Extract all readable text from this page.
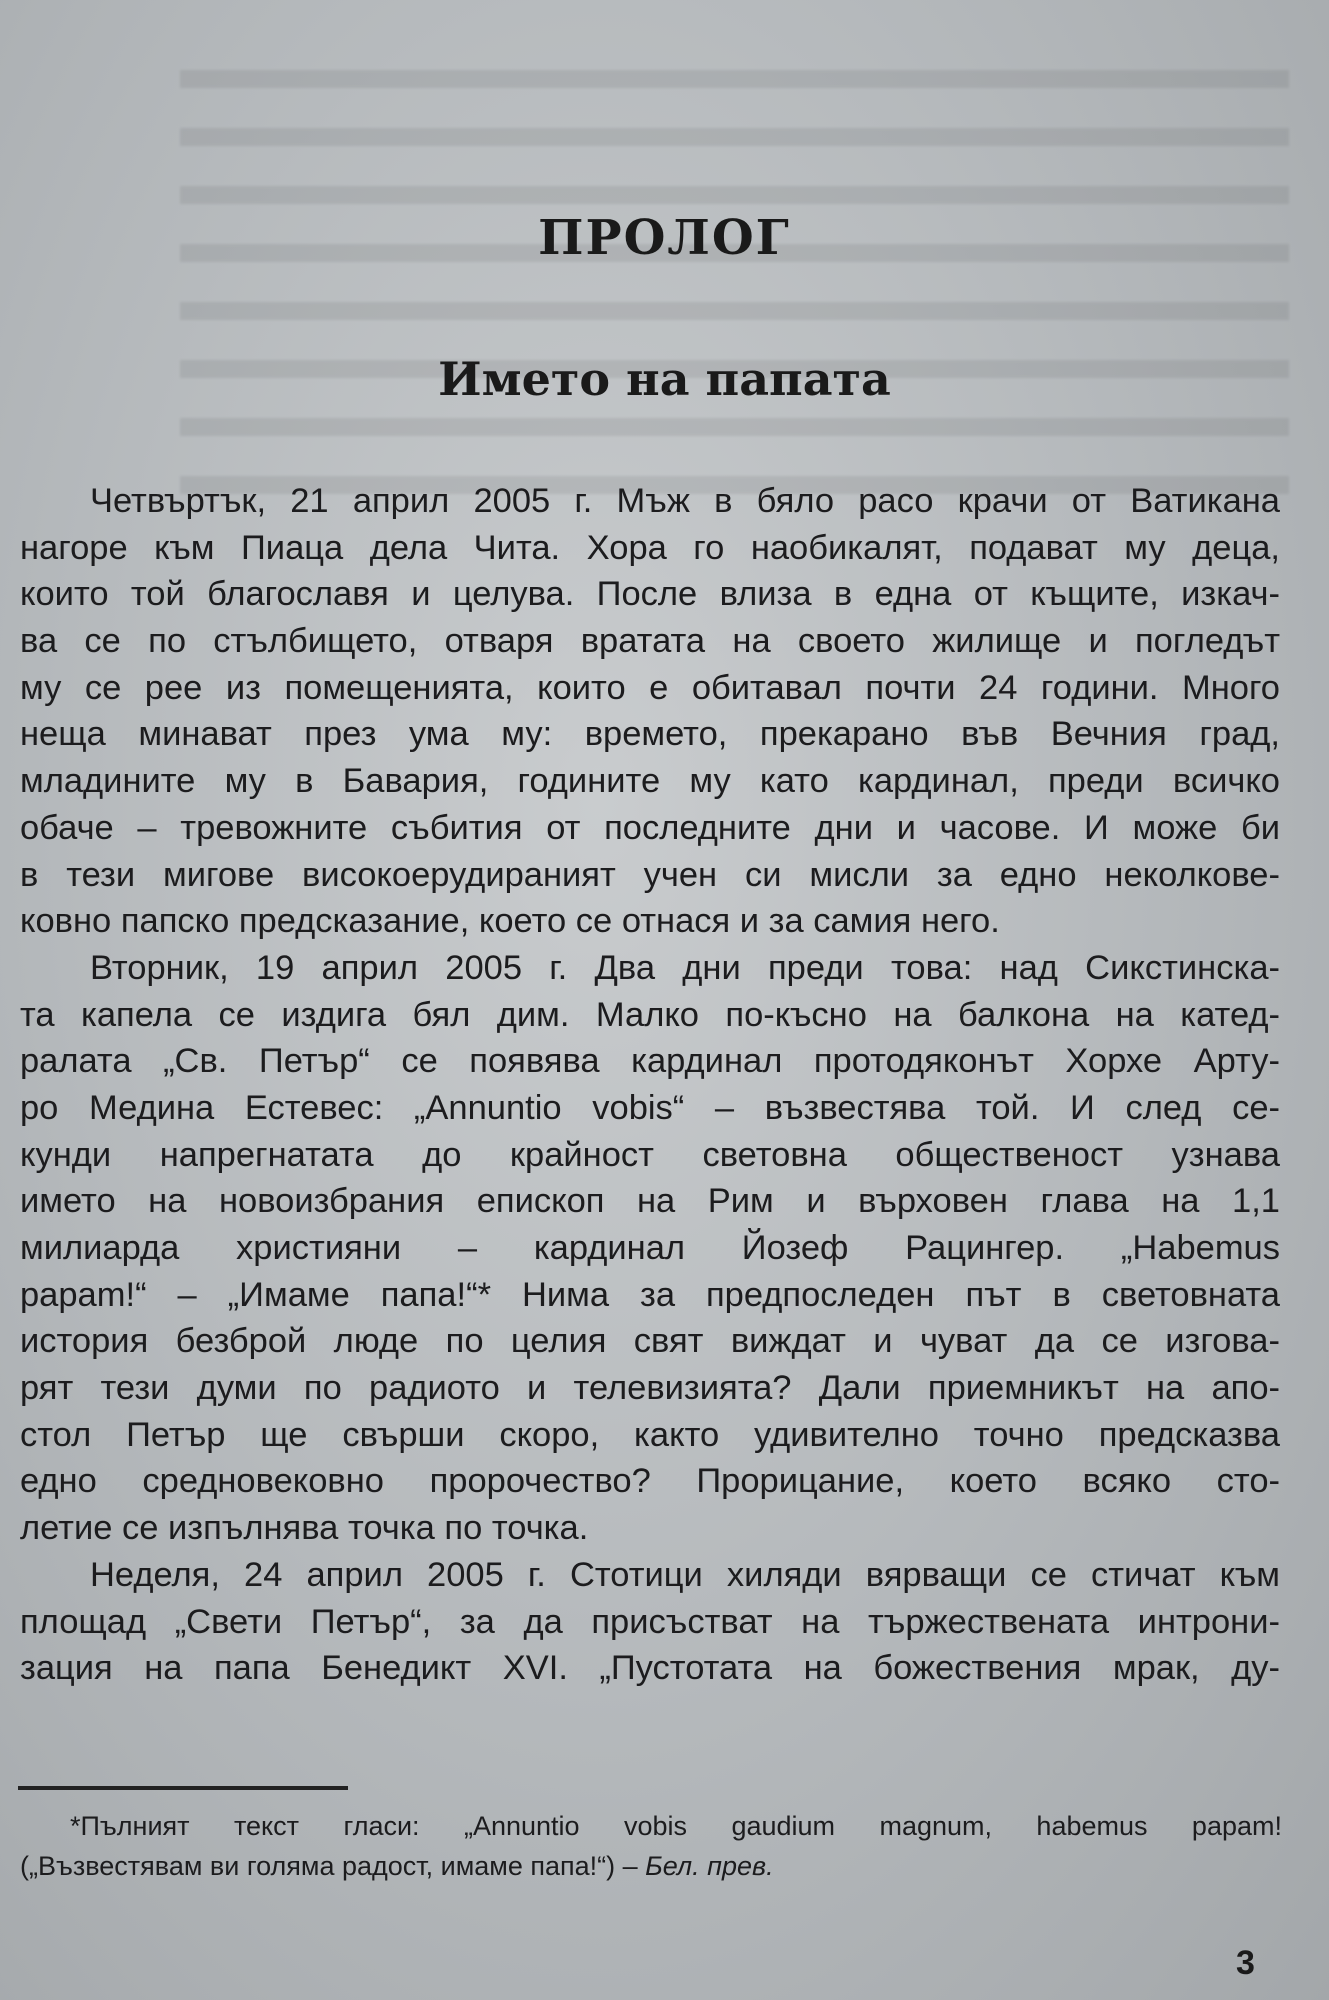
ПРОЛОГ
Името на папата
Четвъртък, 21 април 2005 г. Мъж в бяло расо крачи от Ватикана
нагоре към Пиаца дела Чита. Хора го наобикалят, подават му деца,
които той благославя и целува. После влиза в една от къщите, изкач-
ва се по стълбището, отваря вратата на своето жилище и погледът
му се рее из помещенията, които е обитавал почти 24 години. Много
неща минават през ума му: времето, прекарано във Вечния град,
младините му в Бавария, годините му като кардинал, преди всичко
обаче – тревожните събития от последните дни и часове. И може би
в тези мигове високоерудираният учен си мисли за едно неколкове-
ковно папско предсказание, което се отнася и за самия него.
Вторник, 19 април 2005 г. Два дни преди това: над Сикстинска-
та капела се издига бял дим. Малко по-късно на балкона на катед-
ралата „Св. Петър“ се появява кардинал протодяконът Хорхе Арту-
ро Медина Естевес: „Annuntio vobis“ – възвестява той. И след се-
кунди напрегнатата до крайност световна общественост узнава
името на новоизбрания епископ на Рим и върховен глава на 1,1
милиарда християни – кардинал Йозеф Рацингер. „Habemus
papam!“ – „Имаме папа!“* Нима за предпоследен път в световната
история безброй люде по целия свят виждат и чуват да се изгова-
рят тези думи по радиото и телевизията? Дали приемникът на апо-
стол Петър ще свърши скоро, както удивително точно предсказва
едно средновековно пророчество? Прорицание, което всяко сто-
летие се изпълнява точка по точка.
Неделя, 24 април 2005 г. Стотици хиляди вярващи се стичат към
площад „Свети Петър“, за да присъстват на тържествената интрони-
зация на папа Бенедикт XVI. „Пустотата на божествения мрак, ду-
*Пълният текст гласи: „Annuntio vobis gaudium magnum, habemus papam!
(„Възвестявам ви голяма радост, имаме папа!“) – Бел. прев.
3
